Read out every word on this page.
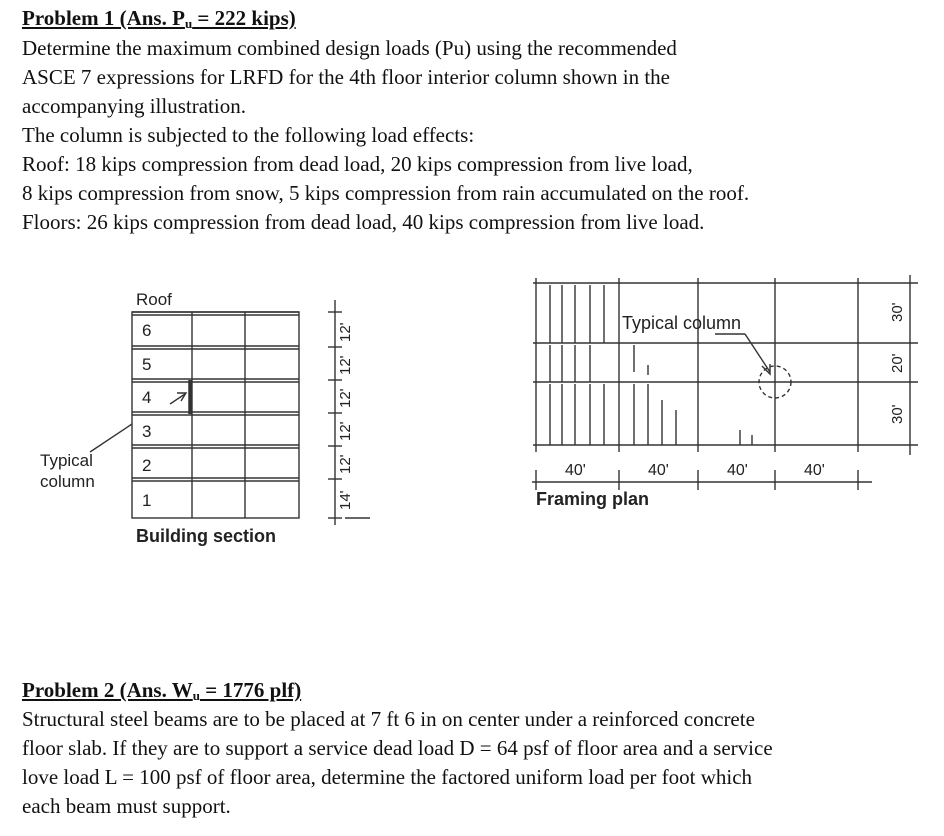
Problem 1 (Ans. $P_u = 222$ kips)
Determine the maximum combined design loads (Pu) using the recommended
ASCE 7 expressions for LRFD for the 4th floor interior column shown in the
accompanying illustration.
The column is subjected to the following load effects:
Roof: 18 kips compression from dead load, 20 kips compression from live load,
8 kips compression from snow, 5 kips compression from rain accumulated on the roof.
Floors: 26 kips compression from dead load, 40 kips compression from live load.
Roof
6
5
4
3
2
1
Typical
column
Building section
14'
12'
12'
12'
12'
12'	Typical column
40'	40'	40'	40'
Framing plan
30'
20'
30'
Problem 2 (Ans. $W_u = 1776$ plf)
Structural steel beams are to be placed at 7 ft 6 in on center under a reinforced concrete
floor slab. If they are to support a service dead load D = 64 psf of floor area and a service
love load L = 100 psf of floor area, determine the factored uniform load per foot which
each beam must support.
